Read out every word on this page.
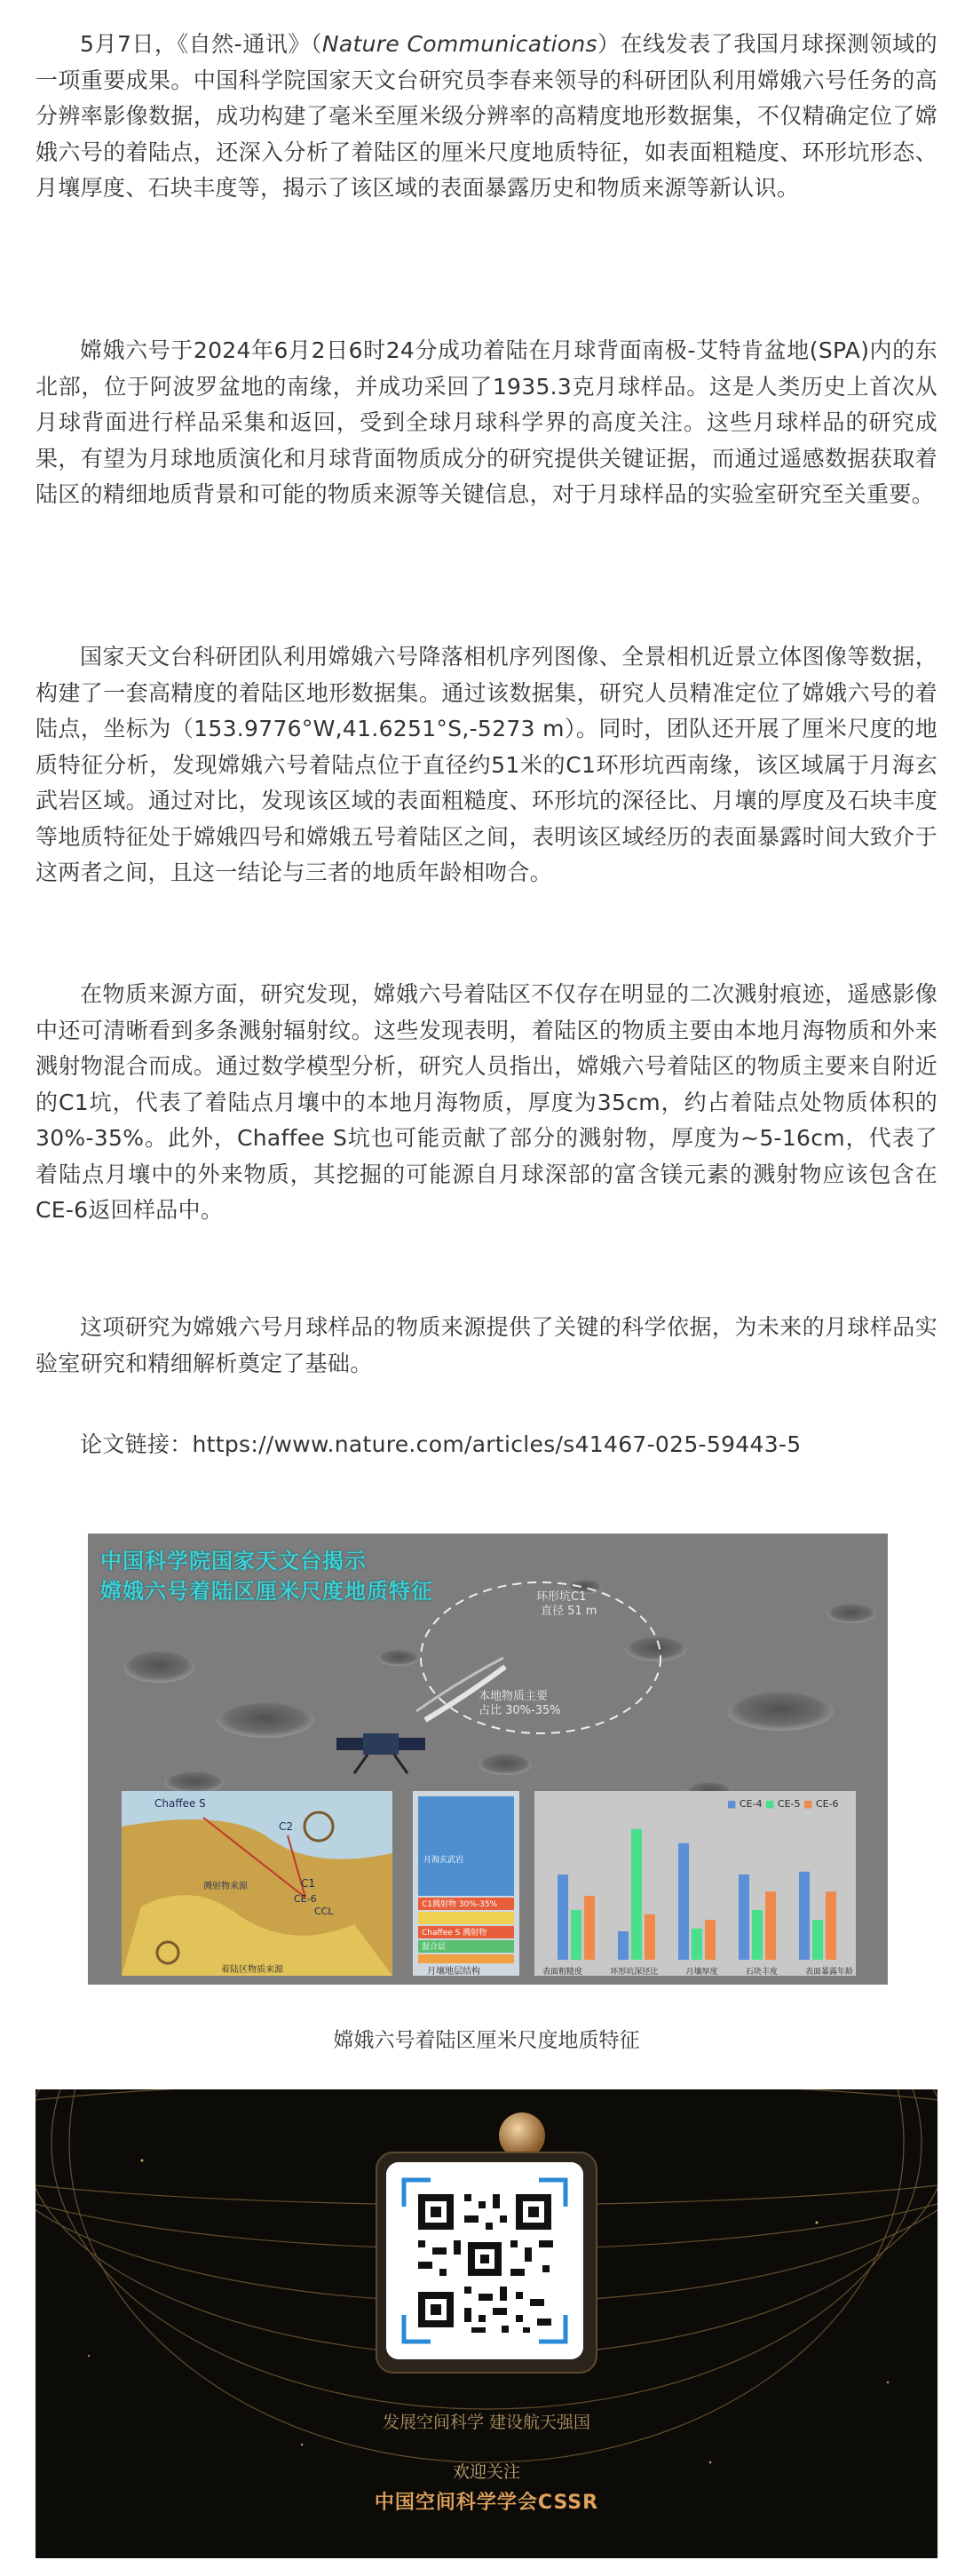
5月7日，《自然-通讯》（Nature Communications）在线发表了我国月球探测领域的一项重要成果。中国科学院国家天文台研究员李春来领导的科研团队利用嫦娥六号任务的高分辨率影像数据，成功构建了毫米至厘米级分辨率的高精度地形数据集，不仅精确定位了嫦娥六号的着陆点，还深入分析了着陆区的厘米尺度地质特征，如表面粗糙度、环形坑形态、月壤厚度、石块丰度等，揭示了该区域的表面暴露历史和物质来源等新认识。

嫦娥六号于2024年6月2日6时24分成功着陆在月球背面南极-艾特肯盆地(SPA)内的东北部，位于阿波罗盆地的南缘，并成功采回了1935.3克月球样品。这是人类历史上首次从月球背面进行样品采集和返回，受到全球月球科学界的高度关注。这些月球样品的研究成果，有望为月球地质演化和月球背面物质成分的研究提供关键证据，而通过遥感数据获取着陆区的精细地质背景和可能的物质来源等关键信息，对于月球样品的实验室研究至关重要。

国家天文台科研团队利用嫦娥六号降落相机序列图像、全景相机近景立体图像等数据，构建了一套高精度的着陆区地形数据集。通过该数据集，研究人员精准定位了嫦娥六号的着陆点，坐标为（153.9776°W,41.6251°S,-5273 m）。同时，团队还开展了厘米尺度的地质特征分析，发现嫦娥六号着陆点位于直径约51米的C1环形坑西南缘，该区域属于月海玄武岩区域。通过对比，发现该区域的表面粗糙度、环形坑的深径比、月壤的厚度及石块丰度等地质特征处于嫦娥四号和嫦娥五号着陆区之间，表明该区域经历的表面暴露时间大致介于这两者之间，且这一结论与三者的地质年龄相吻合。

在物质来源方面，研究发现，嫦娥六号着陆区不仅存在明显的二次溅射痕迹，遥感影像中还可清晰看到多条溅射辐射纹。这些发现表明，着陆区的物质主要由本地月海物质和外来溅射物混合而成。通过数学模型分析，研究人员指出，嫦娥六号着陆区的物质主要来自附近的C1坑，代表了着陆点月壤中的本地月海物质，厚度为35cm，约占着陆点处物质体积的30%-35%。此外，Chaffee S坑也可能贡献了部分的溅射物，厚度为~5-16cm，代表了着陆点月壤中的外来物质，其挖掘的可能源自月球深部的富含镁元素的溅射物应该包含在CE-6返回样品中。

这项研究为嫦娥六号月球样品的物质来源提供了关键的科学依据，为未来的月球样品实验室研究和精细解析奠定了基础。

论文链接：https://www.nature.com/articles/s41467-025-59443-5

中国科学院国家天文台揭示
嫦娥六号着陆区厘米尺度地质特征	环形坑C1
直径 51 m
本地物质主要
占比 30%-35%
Chaffee S
C2
C1
CE-6
溅射物来源
CCL
着陆区物质来源
月海玄武岩
C1溅射物 30%-35%
Chaffee S 溅射物
混合层
月壤地层结构
■ CE-4 ■ CE-5 ■ CE-6
表面粗糙度	环形坑深径比	月壤厚度	石块丰度	表面暴露年龄
嫦娥六号着陆区厘米尺度地质特征
发展空间科学 建设航天强国
欢迎关注
中国空间科学学会CSSR
